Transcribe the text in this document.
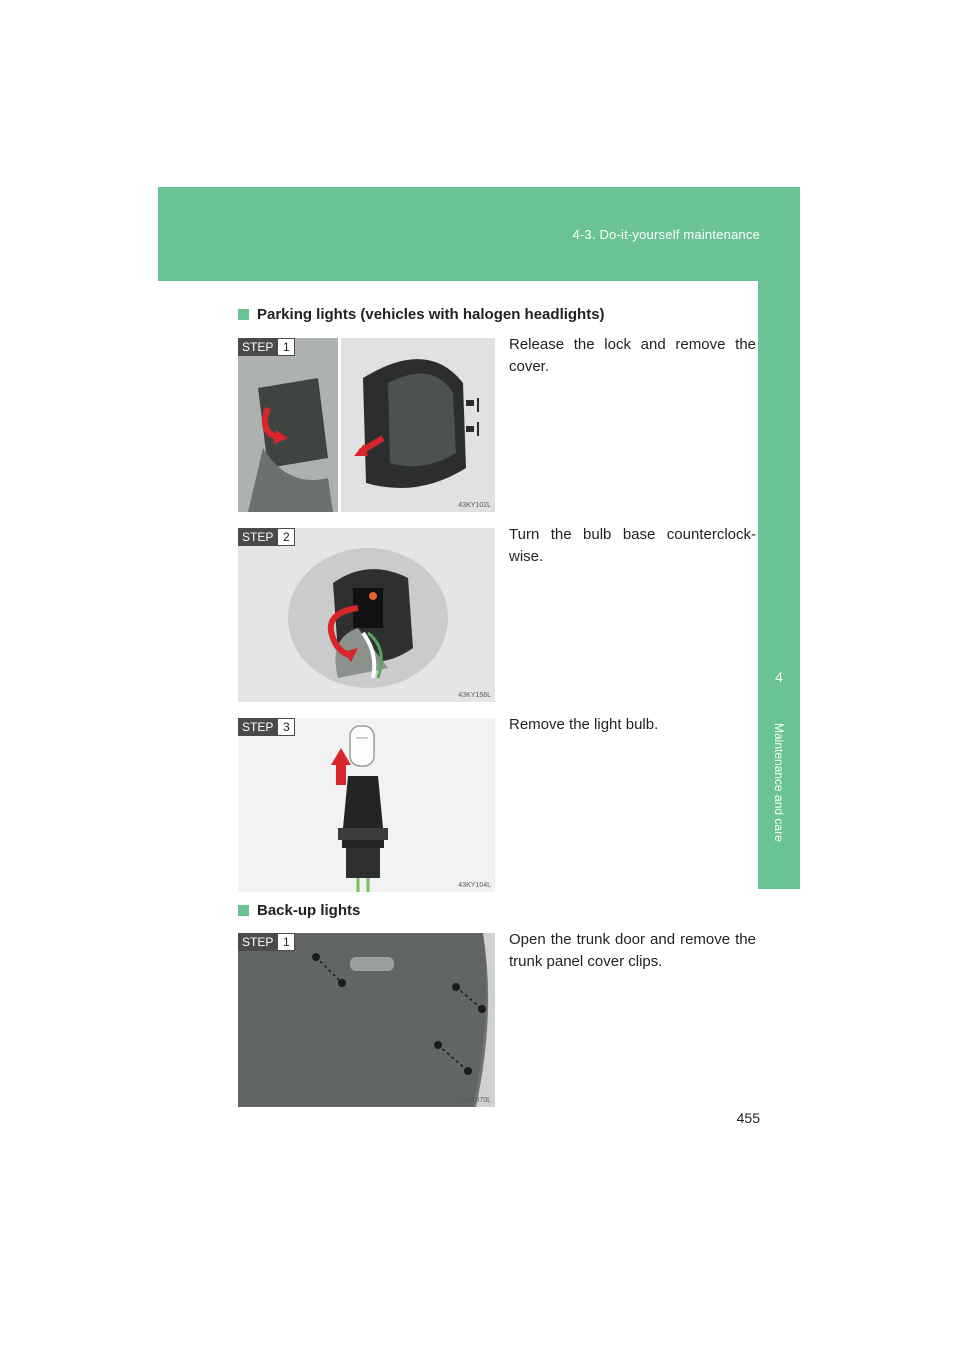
4-3. Do-it-yourself maintenance
4
Maintenance and care
Parking lights (vehicles with halogen headlights)
STEP 1
43KY102L
Release the lock and remove the cover.
STEP 2
43KY156L
Turn the bulb base counterclock-wise.
STEP 3
43KY104L
Remove the light bulb.
Back-up lights
STEP 1
43KY070L
Open the trunk door and remove the trunk panel cover clips.
455
